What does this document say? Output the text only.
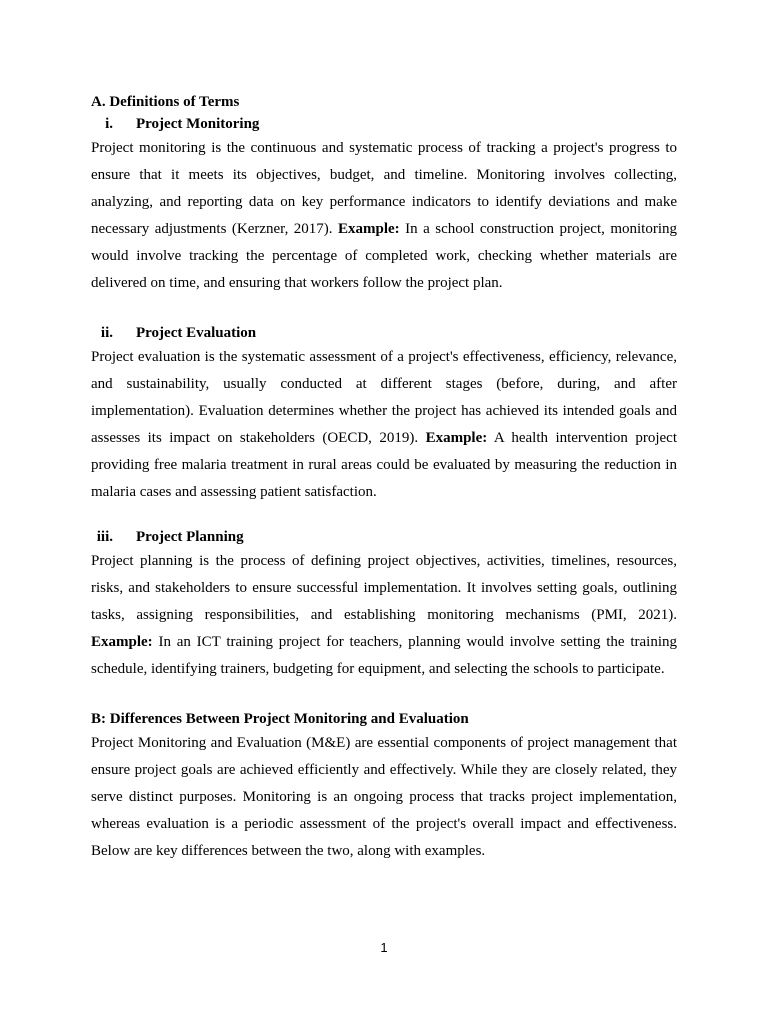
A. Definitions of Terms

i. Project Monitoring

Project monitoring is the continuous and systematic process of tracking a project's progress to ensure that it meets its objectives, budget, and timeline. Monitoring involves collecting, analyzing, and reporting data on key performance indicators to identify deviations and make necessary adjustments (Kerzner, 2017). Example: In a school construction project, monitoring would involve tracking the percentage of completed work, checking whether materials are delivered on time, and ensuring that workers follow the project plan.

ii. Project Evaluation

Project evaluation is the systematic assessment of a project's effectiveness, efficiency, relevance, and sustainability, usually conducted at different stages (before, during, and after implementation). Evaluation determines whether the project has achieved its intended goals and assesses its impact on stakeholders (OECD, 2019). Example: A health intervention project providing free malaria treatment in rural areas could be evaluated by measuring the reduction in malaria cases and assessing patient satisfaction.

iii. Project Planning

Project planning is the process of defining project objectives, activities, timelines, resources, risks, and stakeholders to ensure successful implementation. It involves setting goals, outlining tasks, assigning responsibilities, and establishing monitoring mechanisms (PMI, 2021). Example: In an ICT training project for teachers, planning would involve setting the training schedule, identifying trainers, budgeting for equipment, and selecting the schools to participate.

B: Differences Between Project Monitoring and Evaluation

Project Monitoring and Evaluation (M&E) are essential components of project management that ensure project goals are achieved efficiently and effectively. While they are closely related, they serve distinct purposes. Monitoring is an ongoing process that tracks project implementation, whereas evaluation is a periodic assessment of the project's overall impact and effectiveness. Below are key differences between the two, along with examples.

1
